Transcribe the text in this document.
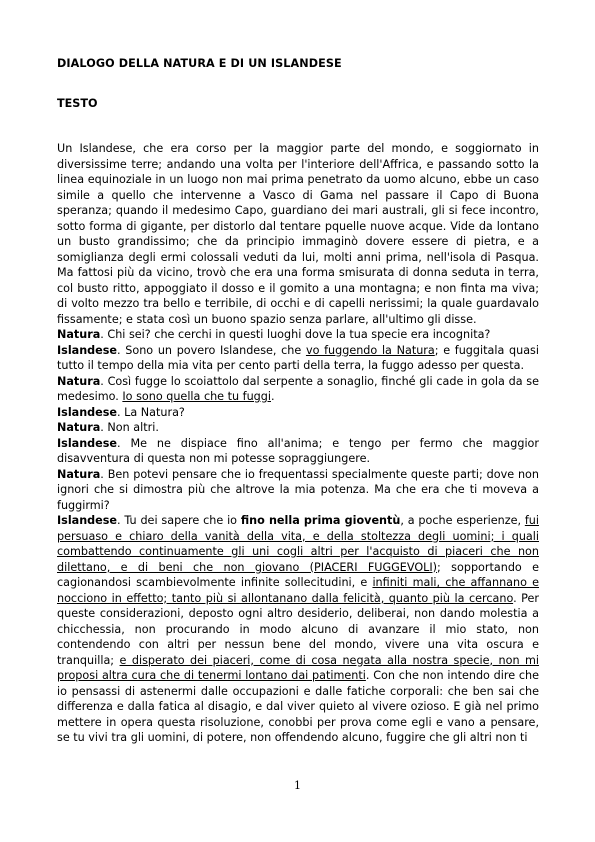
DIALOGO DELLA NATURA E DI UN ISLANDESE
TESTO

Un Islandese, che era corso per la maggior parte del mondo, e soggiornato in diversissime terre; andando una volta per l'interiore dell'Affrica, e passando sotto la linea equinoziale in un luogo non mai prima penetrato da uomo alcuno, ebbe un caso simile a quello che intervenne a Vasco di Gama nel passare il Capo di Buona speranza; quando il medesimo Capo, guardiano dei mari australi, gli si fece incontro, sotto forma di gigante, per distorlo dal tentare pquelle nuove acque. Vide da lontano un busto grandissimo; che da principio immaginò dovere essere di pietra, e a somiglianza degli ermi colossali veduti da lui, molti anni prima, nell'isola di Pasqua. Ma fattosi più da vicino, trovò che era una forma smisurata di donna seduta in terra, col busto ritto, appoggiato il dosso e il gomito a una montagna; e non finta ma viva; di volto mezzo tra bello e terribile, di occhi e di capelli nerissimi; la quale guardavalo fissamente; e stata così un buono spazio senza parlare, all'ultimo gli disse.

Natura. Chi sei? che cerchi in questi luoghi dove la tua specie era incognita?

Islandese. Sono un povero Islandese, che vo fuggendo la Natura; e fuggitala quasi tutto il tempo della mia vita per cento parti della terra, la fuggo adesso per questa.

Natura. Così fugge lo scoiattolo dal serpente a sonaglio, finché gli cade in gola da se medesimo. Io sono quella che tu fuggi.

Islandese. La Natura?

Natura. Non altri.

Islandese. Me ne dispiace fino all'anima; e tengo per fermo che maggior disavventura di questa non mi potesse sopraggiungere.

Natura. Ben potevi pensare che io frequentassi specialmente queste parti; dove non ignori che si dimostra più che altrove la mia potenza. Ma che era che ti moveva a fuggirmi?

Islandese. Tu dei sapere che io fino nella prima gioventù, a poche esperienze, fui persuaso e chiaro della vanità della vita, e della stoltezza degli uomini; i quali combattendo continuamente gli uni cogli altri per l'acquisto di piaceri che non dilettano, e di beni che non giovano (PIACERI FUGGEVOLI); sopportando e cagionandosi scambievolmente infinite sollecitudini, e infiniti mali, che affannano e nocciono in effetto; tanto più si allontanano dalla felicità, quanto più la cercano. Per queste considerazioni, deposto ogni altro desiderio, deliberai, non dando molestia a chicchessia, non procurando in modo alcuno di avanzare il mio stato, non contendendo con altri per nessun bene del mondo, vivere una vita oscura e tranquilla; e disperato dei piaceri, come di cosa negata alla nostra specie, non mi proposi altra cura che di tenermi lontano dai patimenti. Con che non intendo dire che io pensassi di astenermi dalle occupazioni e dalle fatiche corporali: che ben sai che differenza e dalla fatica al disagio, e dal viver quieto al vivere ozioso. E già nel primo mettere in opera questa risoluzione, conobbi per prova come egli e vano a pensare, se tu vivi tra gli uomini, di potere, non offendendo alcuno, fuggire che gli altri non ti

1
